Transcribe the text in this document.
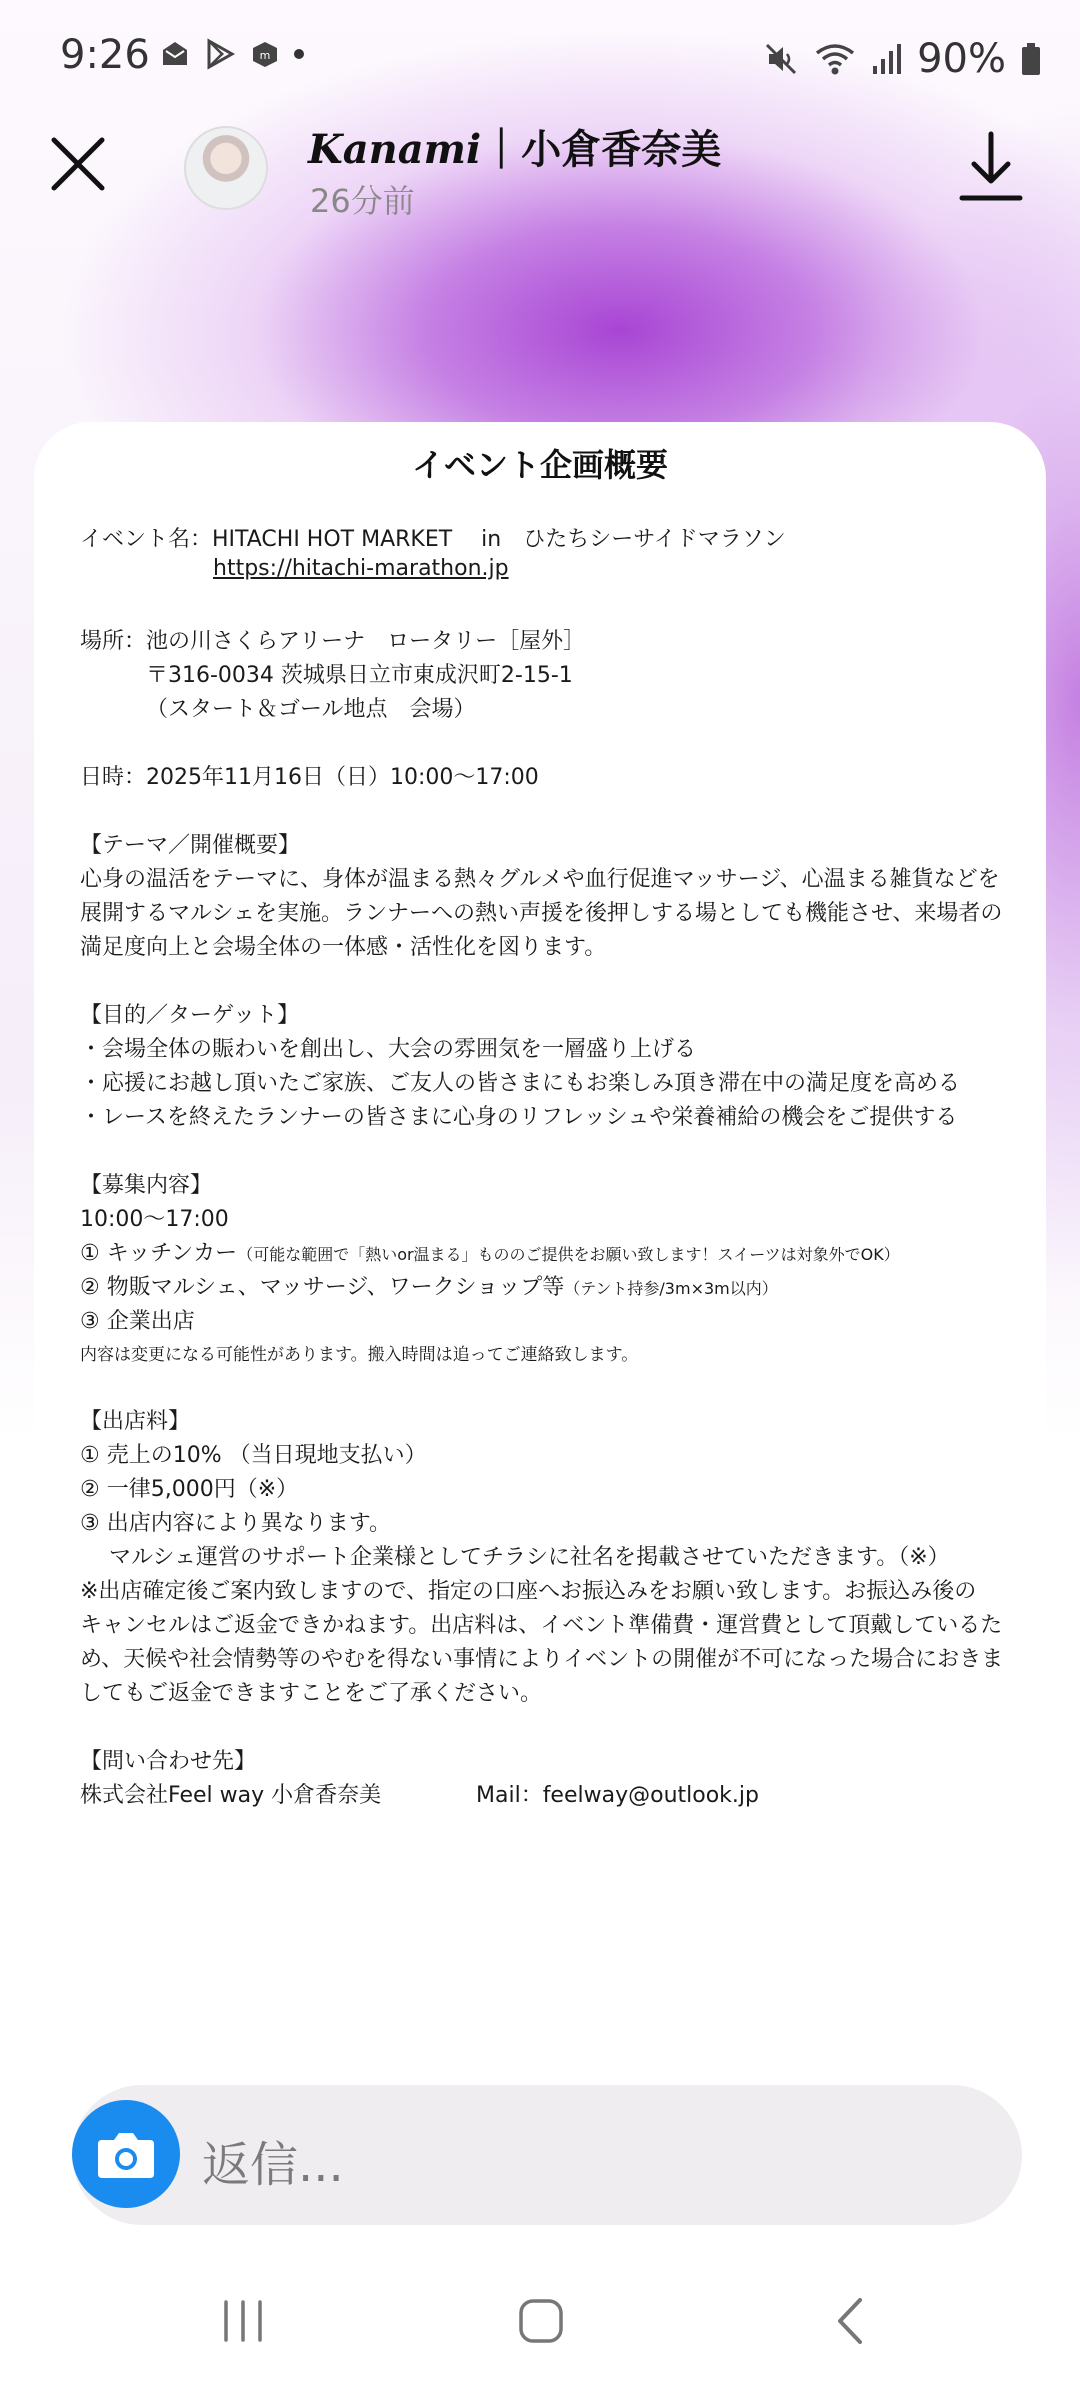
9:26	m	90%
Kanami｜小倉香奈美
26分前
イベント企画概要
イベント名：HITACHI HOT MARKET　 in　ひたちシーサイドマラソン
https://hitachi-marathon.jp
場所：池の川さくらアリーナ　ロータリー［屋外］
〒316-0034 茨城県日立市東成沢町2-15-1
（スタート＆ゴール地点　会場）
日時：2025年11月16日（日）10:00〜17:00
【テーマ／開催概要】
心身の温活をテーマに、身体が温まる熱々グルメや血行促進マッサージ、心温まる雑貨などを
展開するマルシェを実施。ランナーへの熱い声援を後押しする場としても機能させ、来場者の
満足度向上と会場全体の一体感・活性化を図ります。
【目的／ターゲット】
・会場全体の賑わいを創出し、大会の雰囲気を一層盛り上げる
・応援にお越し頂いたご家族、ご友人の皆さまにもお楽しみ頂き滞在中の満足度を高める
・レースを終えたランナーの皆さまに心身のリフレッシュや栄養補給の機会をご提供する
【募集内容】
10:00〜17:00
① キッチンカー（可能な範囲で「熱いor温まる」もののご提供をお願い致します！スイーツは対象外でOK）
② 物販マルシェ、マッサージ、ワークショップ等（テント持参/3m×3m以内）
③ 企業出店
内容は変更になる可能性があります。搬入時間は追ってご連絡致します。
【出店料】
① 売上の10% （当日現地支払い）
② 一律5,000円（※）
③ 出店内容により異なります。
　 マルシェ運営のサポート企業様としてチラシに社名を掲載させていただきます。（※）
※出店確定後ご案内致しますので、指定の口座へお振込みをお願い致します。お振込み後の
キャンセルはご返金できかねます。出店料は、イベント準備費・運営費として頂戴しているた
め、天候や社会情勢等のやむを得ない事情によりイベントの開催が不可になった場合におきま
してもご返金できますことをご了承ください。
【問い合わせ先】
株式会社Feel way 小倉香奈美	Mail：feelway@outlook.jp
返信...
